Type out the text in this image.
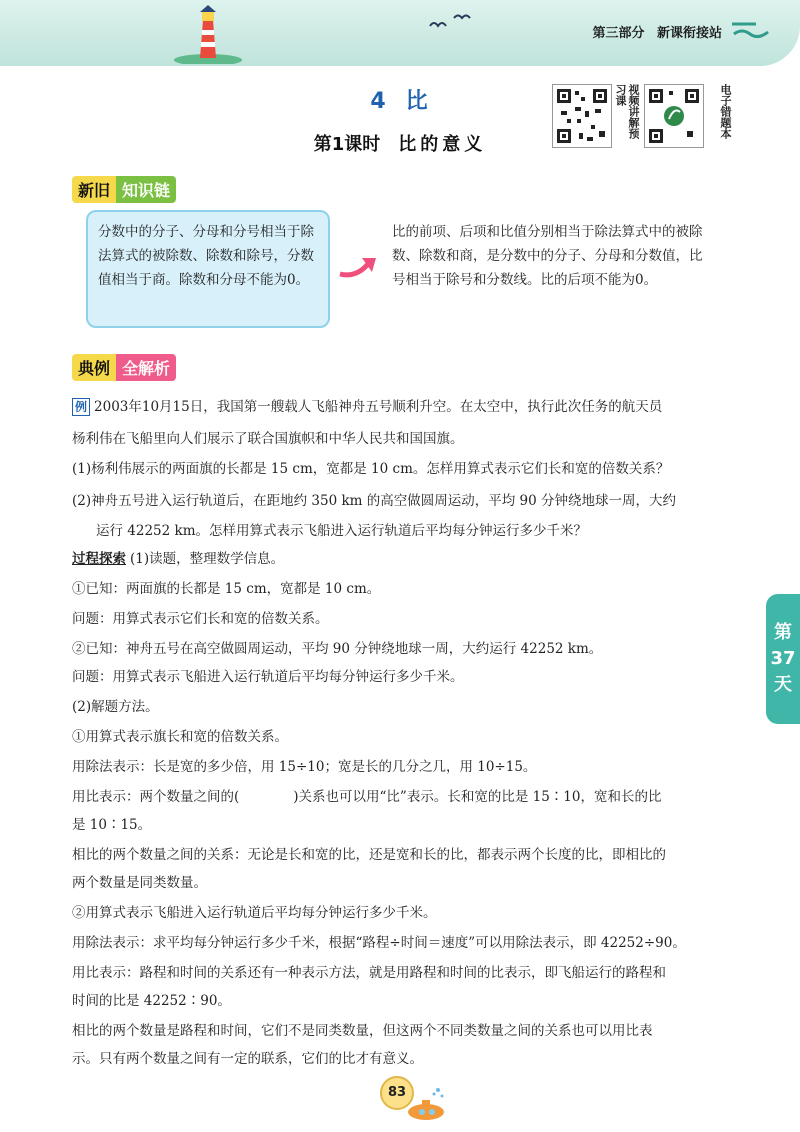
第三部分 新课衔接站
4 比
第1课时 比的意义
视频讲解预习课	电子错题本
新旧 知识链
分数中的分子、分母和分号相当于除法算式的被除数、除数和除号，分数值相当于商。除数和分母不能为0。
比的前项、后项和比值分别相当于除法算式中的被除数、除数和商，是分数中的分子、分母和分数值，比号相当于除号和分数线。比的后项不能为0。
典例 全解析
例 2003年10月15日，我国第一艘载人飞船神舟五号顺利升空。在太空中，执行此次任务的航天员
杨利伟在飞船里向人们展示了联合国旗帜和中华人民共和国国旗。
(1)杨利伟展示的两面旗的长都是 15 cm，宽都是 10 cm。怎样用算式表示它们长和宽的倍数关系？
(2)神舟五号进入运行轨道后，在距地约 350 km 的高空做圆周运动，平均 90 分钟绕地球一周，大约
运行 42252 km。怎样用算式表示飞船进入运行轨道后平均每分钟运行多少千米？
过程探索 (1)读题，整理数学信息。
①已知：两面旗的长都是 15 cm，宽都是 10 cm。
问题：用算式表示它们长和宽的倍数关系。
②已知：神舟五号在高空做圆周运动，平均 90 分钟绕地球一周，大约运行 42252 km。
问题：用算式表示飞船进入运行轨道后平均每分钟运行多少千米。
(2)解题方法。
①用算式表示旗长和宽的倍数关系。
用除法表示：长是宽的多少倍，用 15÷10；宽是长的几分之几，用 10÷15。
用比表示：两个数量之间的(　　　　)关系也可以用“比”表示。长和宽的比是 15∶10，宽和长的比
是 10∶15。
相比的两个数量之间的关系：无论是长和宽的比，还是宽和长的比，都表示两个长度的比，即相比的
两个数量是同类数量。
②用算式表示飞船进入运行轨道后平均每分钟运行多少千米。
用除法表示：求平均每分钟运行多少千米，根据“路程÷时间＝速度”可以用除法表示，即 42252÷90。
用比表示：路程和时间的关系还有一种表示方法，就是用路程和时间的比表示，即飞船运行的路程和
时间的比是 42252∶90。
相比的两个数量是路程和时间，它们不是同类数量，但这两个不同类数量之间的关系也可以用比表
示。只有两个数量之间有一定的联系，它们的比才有意义。
第
37
天
83
